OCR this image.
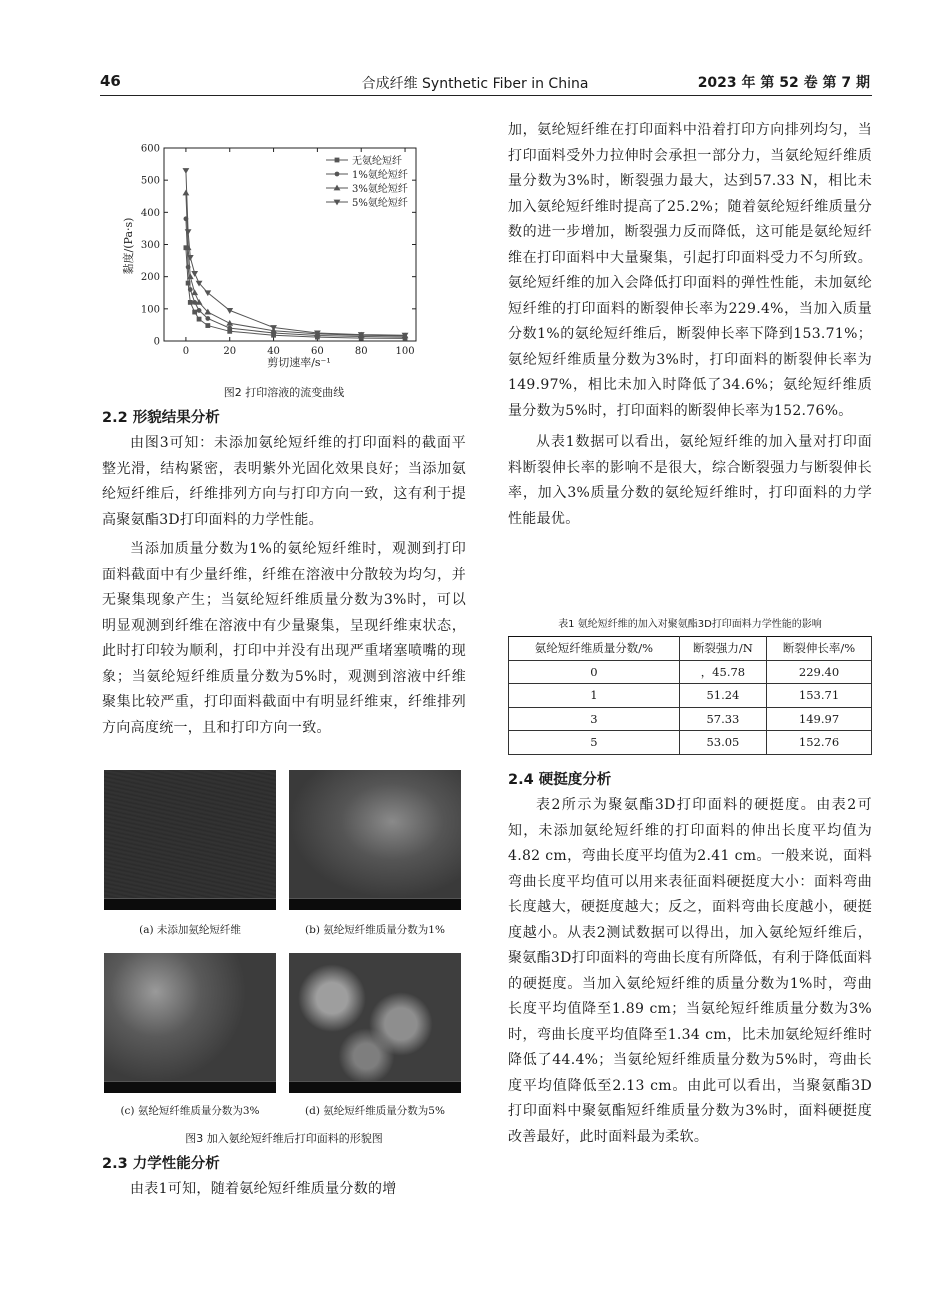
46	合成纤维 Synthetic Fiber in China	2023 年 第 52 卷 第 7 期
0
100
200
300
400
500
600
0	20	40	60	80	100
无氨纶短纤
1%氨纶短纤
3%氨纶短纤
5%氨纶短纤
黏度/(Pa·s)
剪切速率/s⁻¹

图2 打印溶液的流变曲线

2.2 形貌结果分析

由图3可知：未添加氨纶短纤维的打印面料的截面平整光滑，结构紧密，表明紫外光固化效果良好；当添加氨纶短纤维后，纤维排列方向与打印方向一致，这有利于提高聚氨酯3D打印面料的力学性能。

当添加质量分数为1%的氨纶短纤维时，观测到打印面料截面中有少量纤维，纤维在溶液中分散较为均匀，并无聚集现象产生；当氨纶短纤维质量分数为3%时，可以明显观测到纤维在溶液中有少量聚集，呈现纤维束状态，此时打印较为顺利，打印中并没有出现严重堵塞喷嘴的现象；当氨纶短纤维质量分数为5%时，观测到溶液中纤维聚集比较严重，打印面料截面中有明显纤维束，纤维排列方向高度统一，且和打印方向一致。

(a) 未添加氨纶短纤维	(b) 氨纶短纤维质量分数为1%

(c) 氨纶短纤维质量分数为3%	(d) 氨纶短纤维质量分数为5%

图3 加入氨纶短纤维后打印面料的形貌图

2.3 力学性能分析

由表1可知，随着氨纶短纤维质量分数的增

加，氨纶短纤维在打印面料中沿着打印方向排列均匀，当打印面料受外力拉伸时会承担一部分力，当氨纶短纤维质量分数为3%时，断裂强力最大，达到57.33 N，相比未加入氨纶短纤维时提高了25.2%；随着氨纶短纤维质量分数的进一步增加，断裂强力反而降低，这可能是氨纶短纤维在打印面料中大量聚集，引起打印面料受力不匀所致。氨纶短纤维的加入会降低打印面料的弹性性能，未加氨纶短纤维的打印面料的断裂伸长率为229.4%，当加入质量分数1%的氨纶短纤维后，断裂伸长率下降到153.71%；氨纶短纤维质量分数为3%时，打印面料的断裂伸长率为149.97%，相比未加入时降低了34.6%；氨纶短纤维质量分数为5%时，打印面料的断裂伸长率为152.76%。

从表1数据可以看出，氨纶短纤维的加入量对打印面料断裂伸长率的影响不是很大，综合断裂强力与断裂伸长率，加入3%质量分数的氨纶短纤维时，打印面料的力学性能最优。

表1 氨纶短纤维的加入对聚氨酯3D打印面料力学性能的影响

氨纶短纤维质量分数/%	断裂强力/N	断裂伸长率/%
0	，45.78	229.40
1	51.24	153.71
3	57.33	149.97
5	53.05	152.76
2.4 硬挺度分析

表2所示为聚氨酯3D打印面料的硬挺度。由表2可知，未添加氨纶短纤维的打印面料的伸出长度平均值为4.82 cm，弯曲长度平均值为2.41 cm。一般来说，面料弯曲长度平均值可以用来表征面料硬挺度大小：面料弯曲长度越大，硬挺度越大；反之，面料弯曲长度越小，硬挺度越小。从表2测试数据可以得出，加入氨纶短纤维后，聚氨酯3D打印面料的弯曲长度有所降低，有利于降低面料的硬挺度。当加入氨纶短纤维的质量分数为1%时，弯曲长度平均值降至1.89 cm；当氨纶短纤维质量分数为3%时，弯曲长度平均值降至1.34 cm，比未加氨纶短纤维时降低了44.4%；当氨纶短纤维质量分数为5%时，弯曲长度平均值降低至2.13 cm。由此可以看出，当聚氨酯3D打印面料中聚氨酯短纤维质量分数为3%时，面料硬挺度改善最好，此时面料最为柔软。
